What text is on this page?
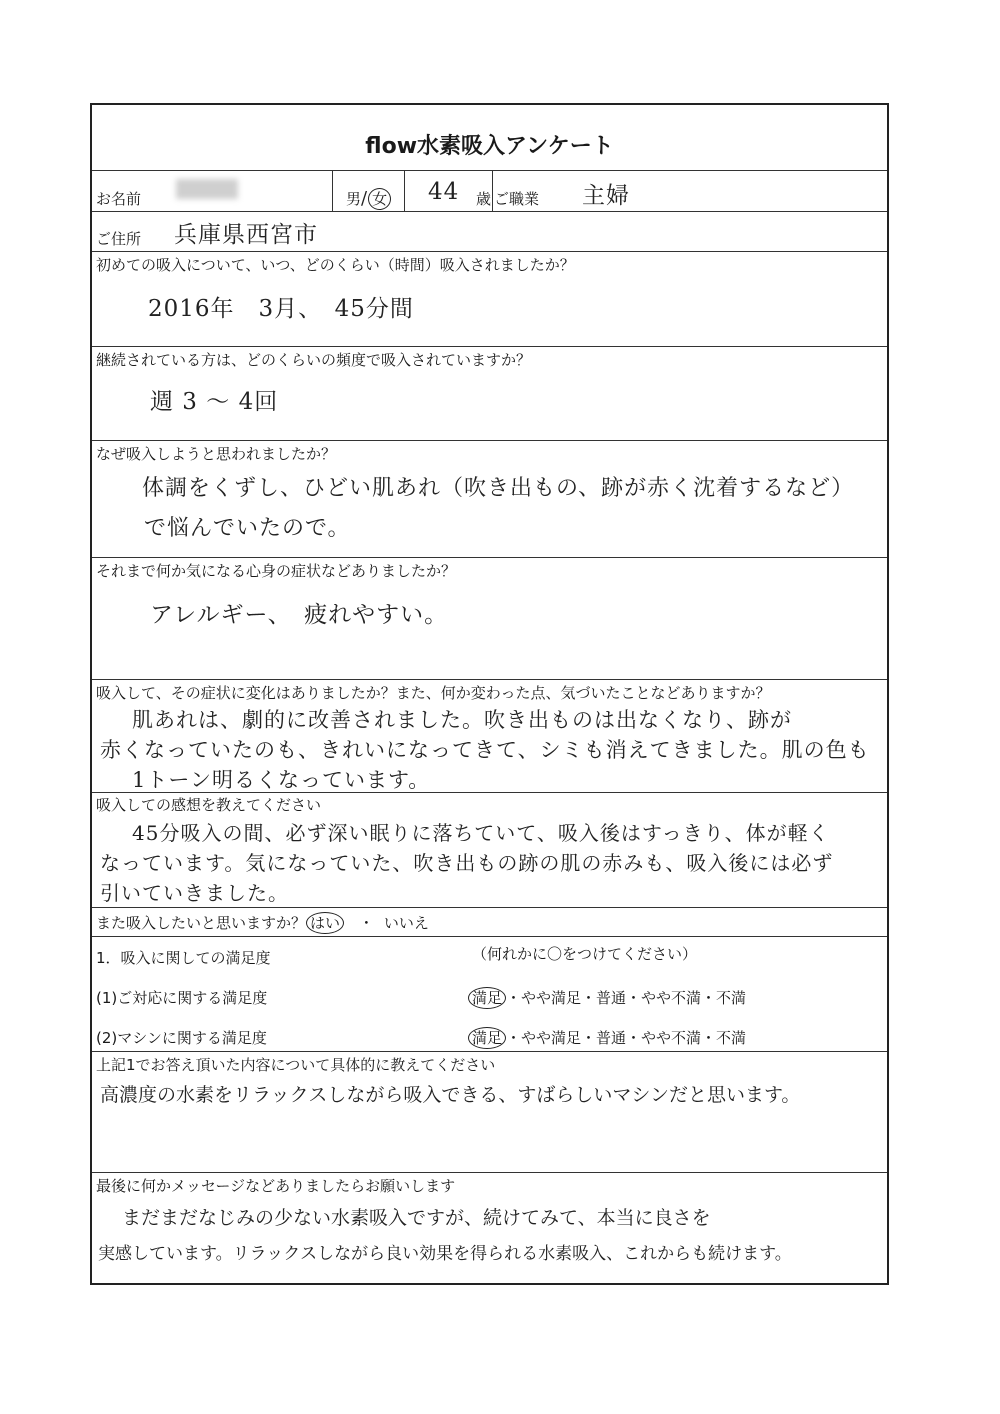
flow水素吸入アンケート
お名前	男/ 女 44 歳 ご職業 主婦
ご住所 兵庫県西宮市
初めての吸入について、いつ、どのくらい（時間）吸入されましたか？
2016年　3月、　45分間
継続されている方は、どのくらいの頻度で吸入されていますか？
週 3 ～ 4回
なぜ吸入しようと思われましたか？
体調をくずし、ひどい肌あれ（吹き出もの、跡が赤く沈着するなど）
で悩んでいたので。
それまで何か気になる心身の症状などありましたか？
アレルギー、　疲れやすい。
吸入して、その症状に変化はありましたか？また、何か変わった点、気づいたことなどありますか？
肌あれは、劇的に改善されました。吹き出ものは出なくなり、跡が
赤くなっていたのも、きれいになってきて、シミも消えてきました。肌の色も
1トーン明るくなっています。
吸入しての感想を教えてください
45分吸入の間、必ず深い眠りに落ちていて、吸入後はすっきり、体が軽く
なっています。気になっていた、吹き出もの跡の肌の赤みも、吸入後には必ず
引いていきました。
また吸入したいと思いますか？ はい ・ いいえ
1．吸入に関しての満足度	（何れかに〇をつけてください）
(1)ご対応に関する満足度	満足 ・やや満足・普通・やや不満・不満
(2)マシンに関する満足度	満足 ・やや満足・普通・やや不満・不満
上記1でお答え頂いた内容について具体的に教えてください
高濃度の水素をリラックスしながら吸入できる、すばらしいマシンだと思います。
最後に何かメッセージなどありましたらお願いします
まだまだなじみの少ない水素吸入ですが、続けてみて、本当に良さを
実感しています。リラックスしながら良い効果を得られる水素吸入、これからも続けます。
